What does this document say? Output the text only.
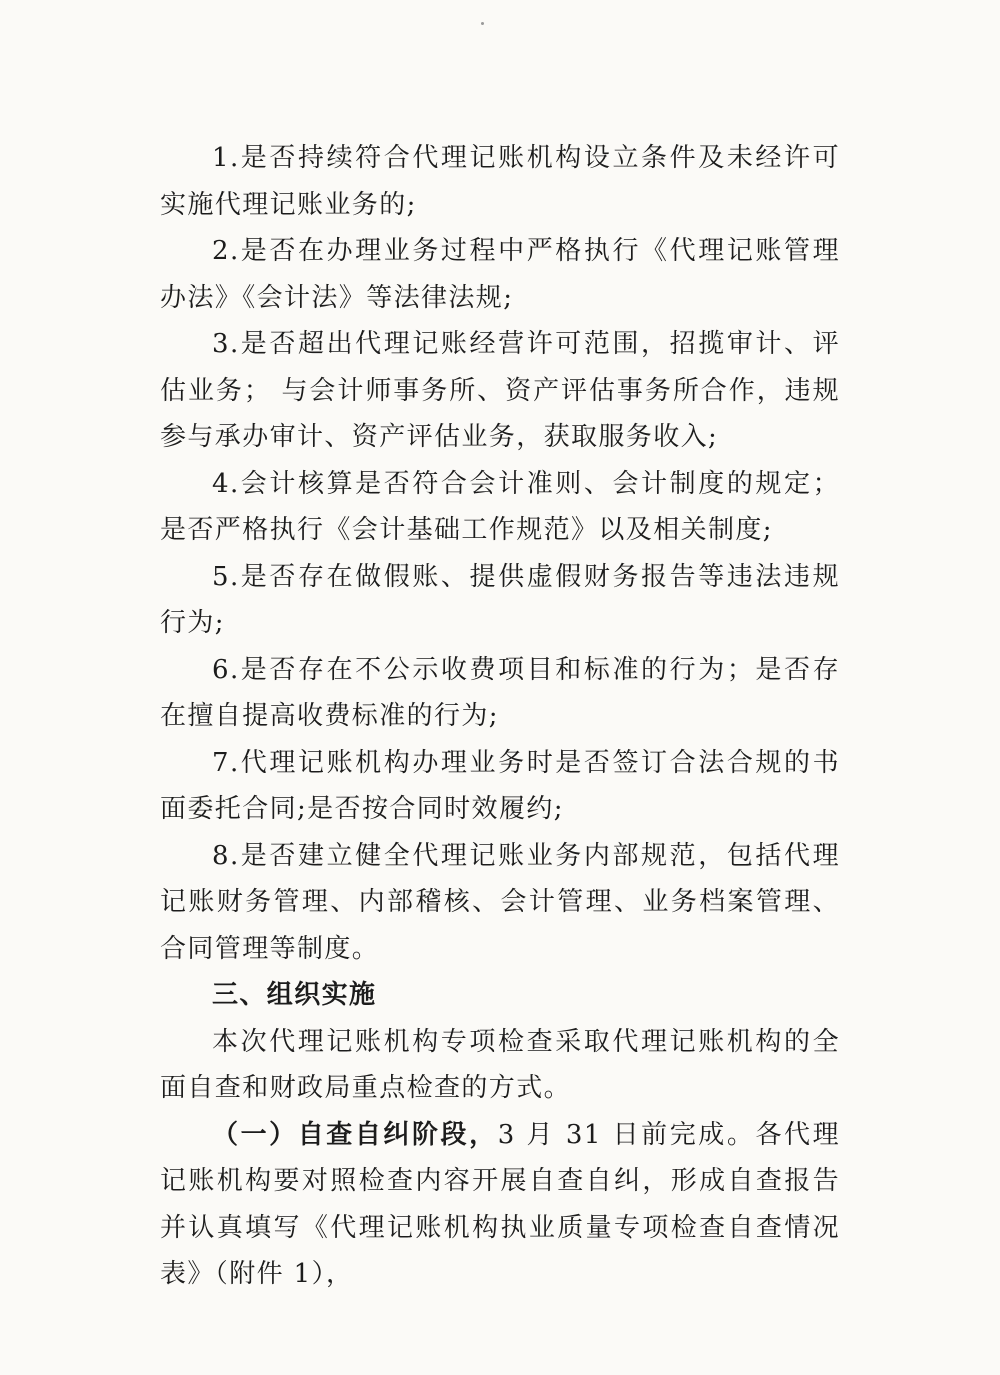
1.是否持续符合代理记账机构设立条件及未经许可实施代理记账业务的;

2.是否在办理业务过程中严格执行《代理记账管理办法》《会计法》等法律法规;

3.是否超出代理记账经营许可范围，招揽审计、评估业务； 与会计师事务所、资产评估事务所合作，违规参与承办审计、资产评估业务，获取服务收入;

4.会计核算是否符合会计准则、会计制度的规定；是否严格执行《会计基础工作规范》以及相关制度;

5.是否存在做假账、提供虚假财务报告等违法违规行为;

6.是否存在不公示收费项目和标准的行为；是否存在擅自提高收费标准的行为;

7.代理记账机构办理业务时是否签订合法合规的书面委托合同;是否按合同时效履约;

8.是否建立健全代理记账业务内部规范，包括代理记账财务管理、内部稽核、会计管理、业务档案管理、合同管理等制度。

三、组织实施

本次代理记账机构专项检查采取代理记账机构的全面自查和财政局重点检查的方式。

（一）自查自纠阶段，3 月 31 日前完成。各代理记账机构要对照检查内容开展自查自纠，形成自查报告并认真填写《代理记账机构执业质量专项检查自查情况表》（附件 1），
